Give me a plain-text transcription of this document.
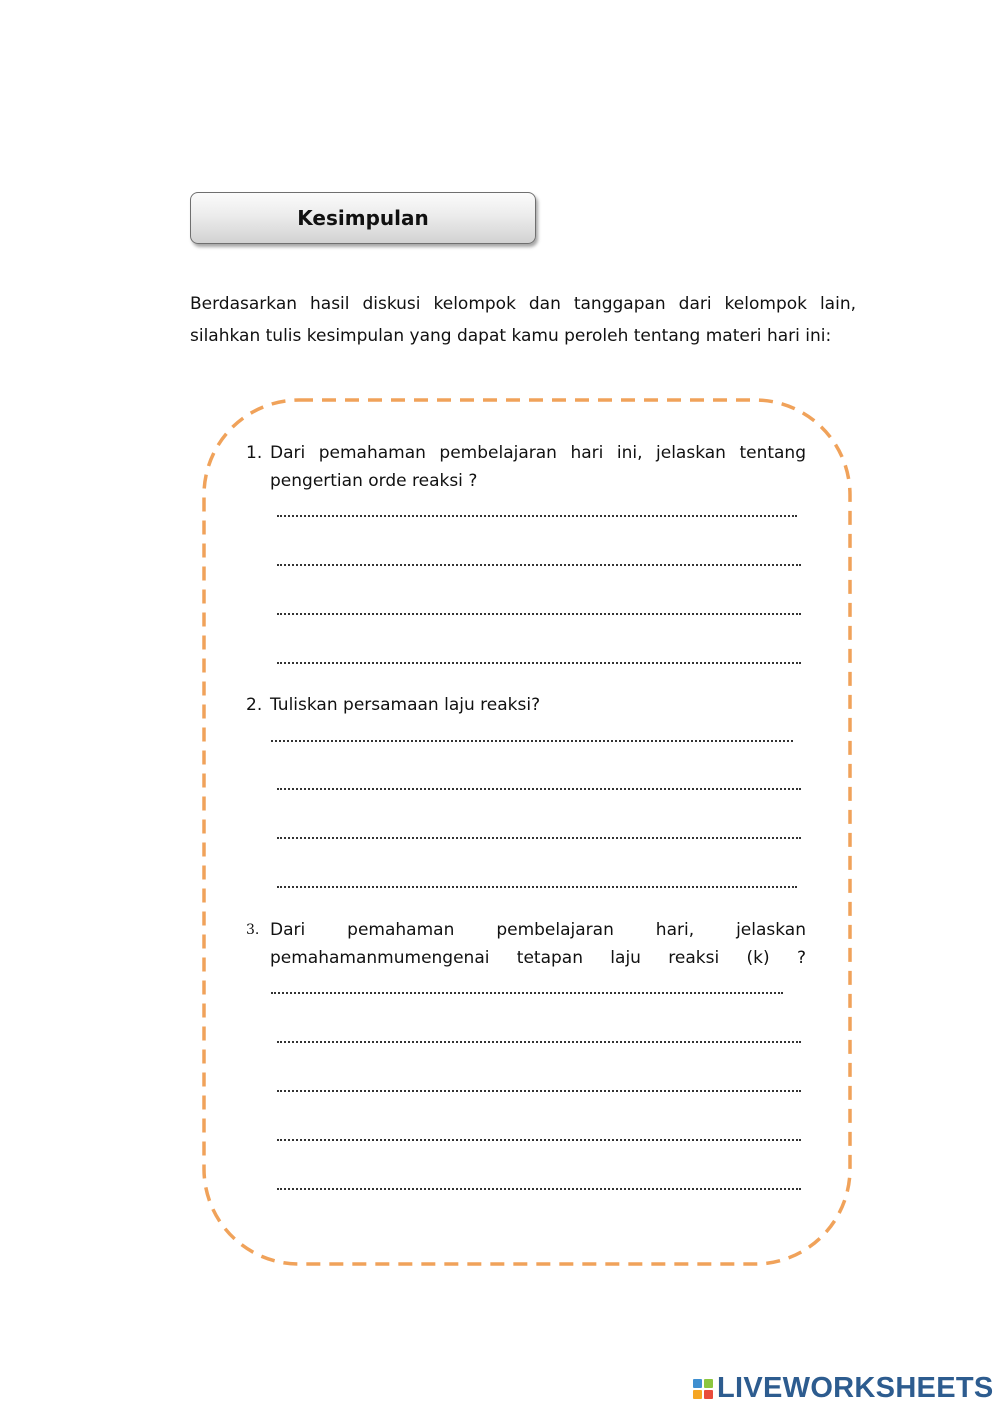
Kesimpulan

Berdasarkan hasil diskusi kelompok dan tanggapan dari kelompok lain, silahkan tulis kesimpulan yang dapat kamu peroleh tentang materi hari ini:

1. Dari pemahaman pembelajaran hari ini, jelaskan tentang pengertian orde reaksi ?
2. Tuliskan persamaan laju reaksi?
3. Dari pemahaman pembelajaran hari, jelaskan pemahamanmumengenai tetapan laju reaksi (k) ?
LIVEWORKSHEETS
